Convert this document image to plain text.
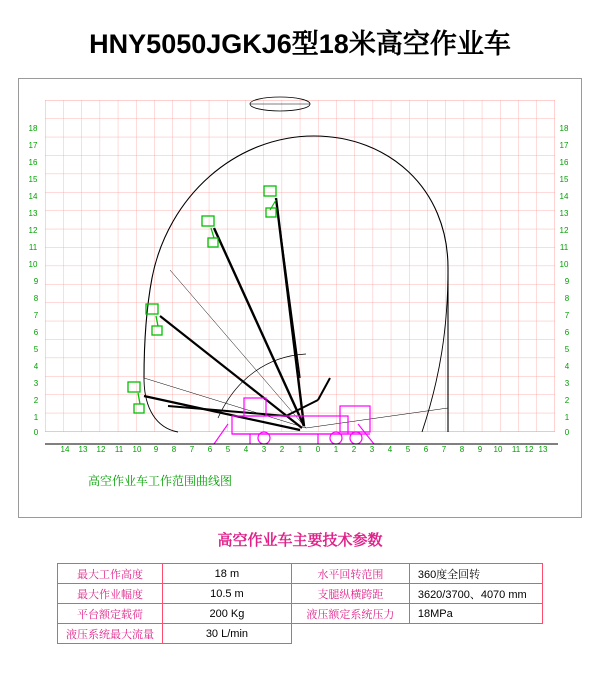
HNY5050JGKJ6型18米高空作业车
18
17
16
15
14
13
12
11
10
9
8
7
6
5
4
3
2
1
0
18
17
16
15
14
13
12
11
10
9
8
7
6
5
4
3
2
1
0
14 13 12 11 10	9	8	7	6	5	4	3	2	1	0	1	2	3	4	5	6	7	8	9	10 11 12 13
高空作业车工作范围曲线图
高空作业车主要技术参数
最大工作高度	18 m	水平回转范围	360度全回转
最大作业幅度	10.5 m	支腿纵横跨距	3620/3700、4070 mm
平台额定载荷	200 Kg	液压额定系统压力	18MPa
液压系统最大流量	30 L/min		
